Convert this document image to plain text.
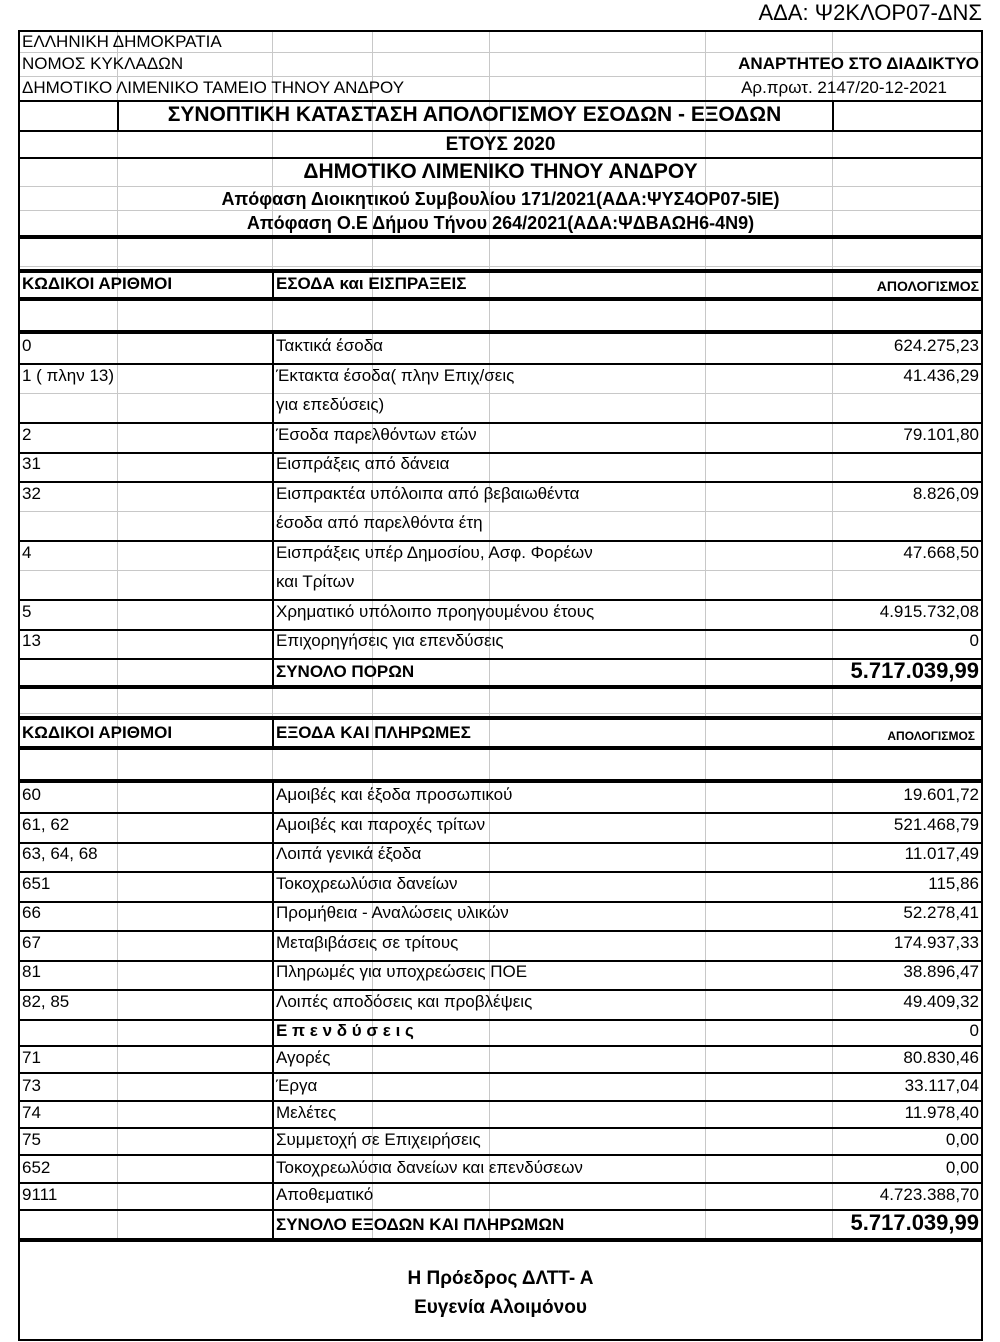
ΑΔΑ: Ψ2ΚΛΟΡ07-ΔΝΣ
ΕΛΛΗΝΙΚΗ ΔΗΜΟΚΡΑΤΙΑ
ΝΟΜΟΣ ΚΥΚΛΑΔΩΝ
ΔΗΜΟΤΙΚΟ ΛΙΜΕΝΙΚΟ ΤΑΜΕΙΟ ΤΗΝΟΥ ΑΝΔΡΟΥ
ΑΝΑΡΤΗΤΕΟ ΣΤΟ ΔΙΑΔΙΚΤΥΟ
Αρ.πρωτ. 2147/20-12-2021
ΣΥΝΟΠΤΙΚΗ ΚΑΤΑΣΤΑΣΗ ΑΠΟΛΟΓΙΣΜΟΥ ΕΣΟΔΩΝ - ΕΞΟΔΩΝ
ΕΤΟΥΣ 2020
ΔΗΜΟΤΙΚΟ ΛΙΜΕΝΙΚΟ ΤΗΝΟΥ ΑΝΔΡΟΥ
Απόφαση Διοικητικού Συμβουλίου 171/2021(ΑΔΑ:ΨΥΣ4ΟΡ07-5ΙΕ)
Απόφαση Ο.Ε Δήμου Τήνου 264/2021(ΑΔΑ:ΨΔΒΑΩΗ6-4Ν9)
ΚΩΔΙΚΟΙ ΑΡΙΘΜΟΙ	ΕΣΟΔΑ και ΕΙΣΠΡΑΞΕΙΣ	ΑΠΟΛΟΓΙΣΜΟΣ
0	Τακτικά έσοδα	624.275,23
1 ( πλην 13)	Έκτακτα έσοδα( πλην Επιχ/σεις	41.436,29
για επεδύσεις)
2	Έσοδα παρελθόντων ετών	79.101,80
31	Εισπράξεις από δάνεια
32	Εισπρακτέα υπόλοιπα από βεβαιωθέντα	8.826,09
έσοδα από παρελθόντα έτη
4	Εισπράξεις υπέρ Δημοσίου, Ασφ. Φορέων	47.668,50
και Τρίτων
5	Χρηματικό υπόλοιπο προηγουμένου έτους	4.915.732,08
13	Επιχορηγήσεις για επενδύσεις	0
ΣΥΝΟΛΟ ΠΟΡΩΝ	5.717.039,99
ΚΩΔΙΚΟΙ ΑΡΙΘΜΟΙ	ΕΞΟΔΑ ΚΑΙ ΠΛΗΡΩΜΕΣ	ΑΠΟΛΟΓΙΣΜΟΣ
60	Αμοιβές και έξοδα προσωπικού	19.601,72
61, 62	Αμοιβές και παροχές τρίτων	521.468,79
63, 64, 68	Λοιπά γενικά έξοδα	11.017,49
651	Τοκοχρεωλύσια δανείων	115,86
66	Προμήθεια - Αναλώσεις υλικών	52.278,41
67	Μεταβιβάσεις σε τρίτους	174.937,33
81	Πληρωμές για υποχρεώσεις ΠΟΕ	38.896,47
82, 85	Λοιπές αποδόσεις και προβλέψεις	49.409,32
Ε π ε ν δ ύ σ ε ι ς	0
71	Αγορές	80.830,46
73	Έργα	33.117,04
74	Μελέτες	11.978,40
75	Συμμετοχή σε Επιχειρήσεις	0,00
652	Τοκοχρεωλύσια δανείων και επενδύσεων	0,00
9111	Αποθεματικό	4.723.388,70
ΣΥΝΟΛΟ ΕΞΟΔΩΝ ΚΑΙ ΠΛΗΡΩΜΩΝ	5.717.039,99
Η Πρόεδρος ΔΛΤΤ- Α
Ευγενία Αλοιμόνου
